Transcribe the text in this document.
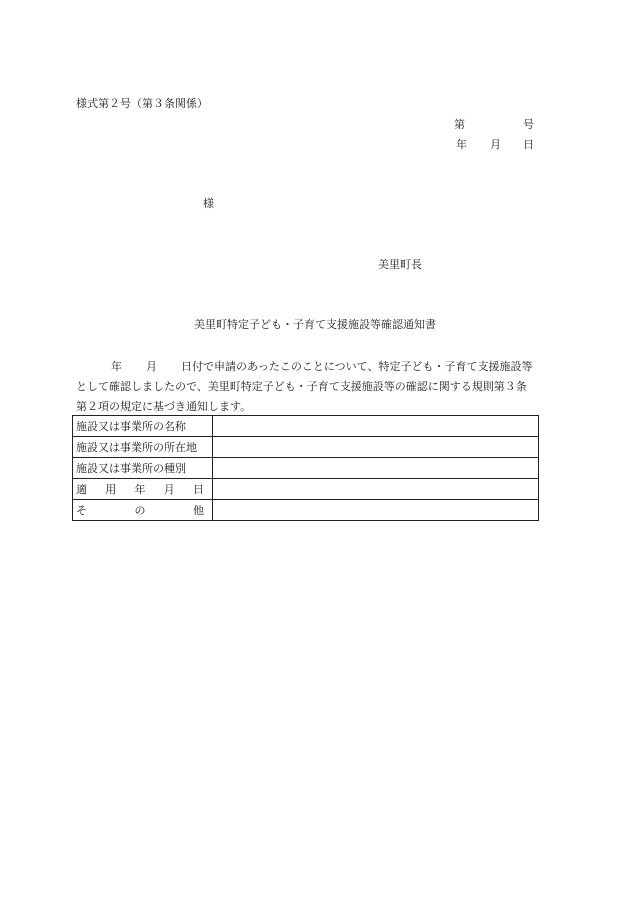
様式第２号（第３条関係）
第	号
年 月 日
様
美里町長
美里町特定子ども・子育て支援施設等確認通知書
年 月 日付で申請のあったこのことについて、特定子ども・子育て支援施設等
として確認しましたので、美里町特定子ども・子育て支援施設等の確認に関する規則第３条
第２項の規定に基づき通知します。
施設又は事業所の名称	
施設又は事業所の所在地	
施設又は事業所の種別	

適 用 年 月 日	

そ の 他	
